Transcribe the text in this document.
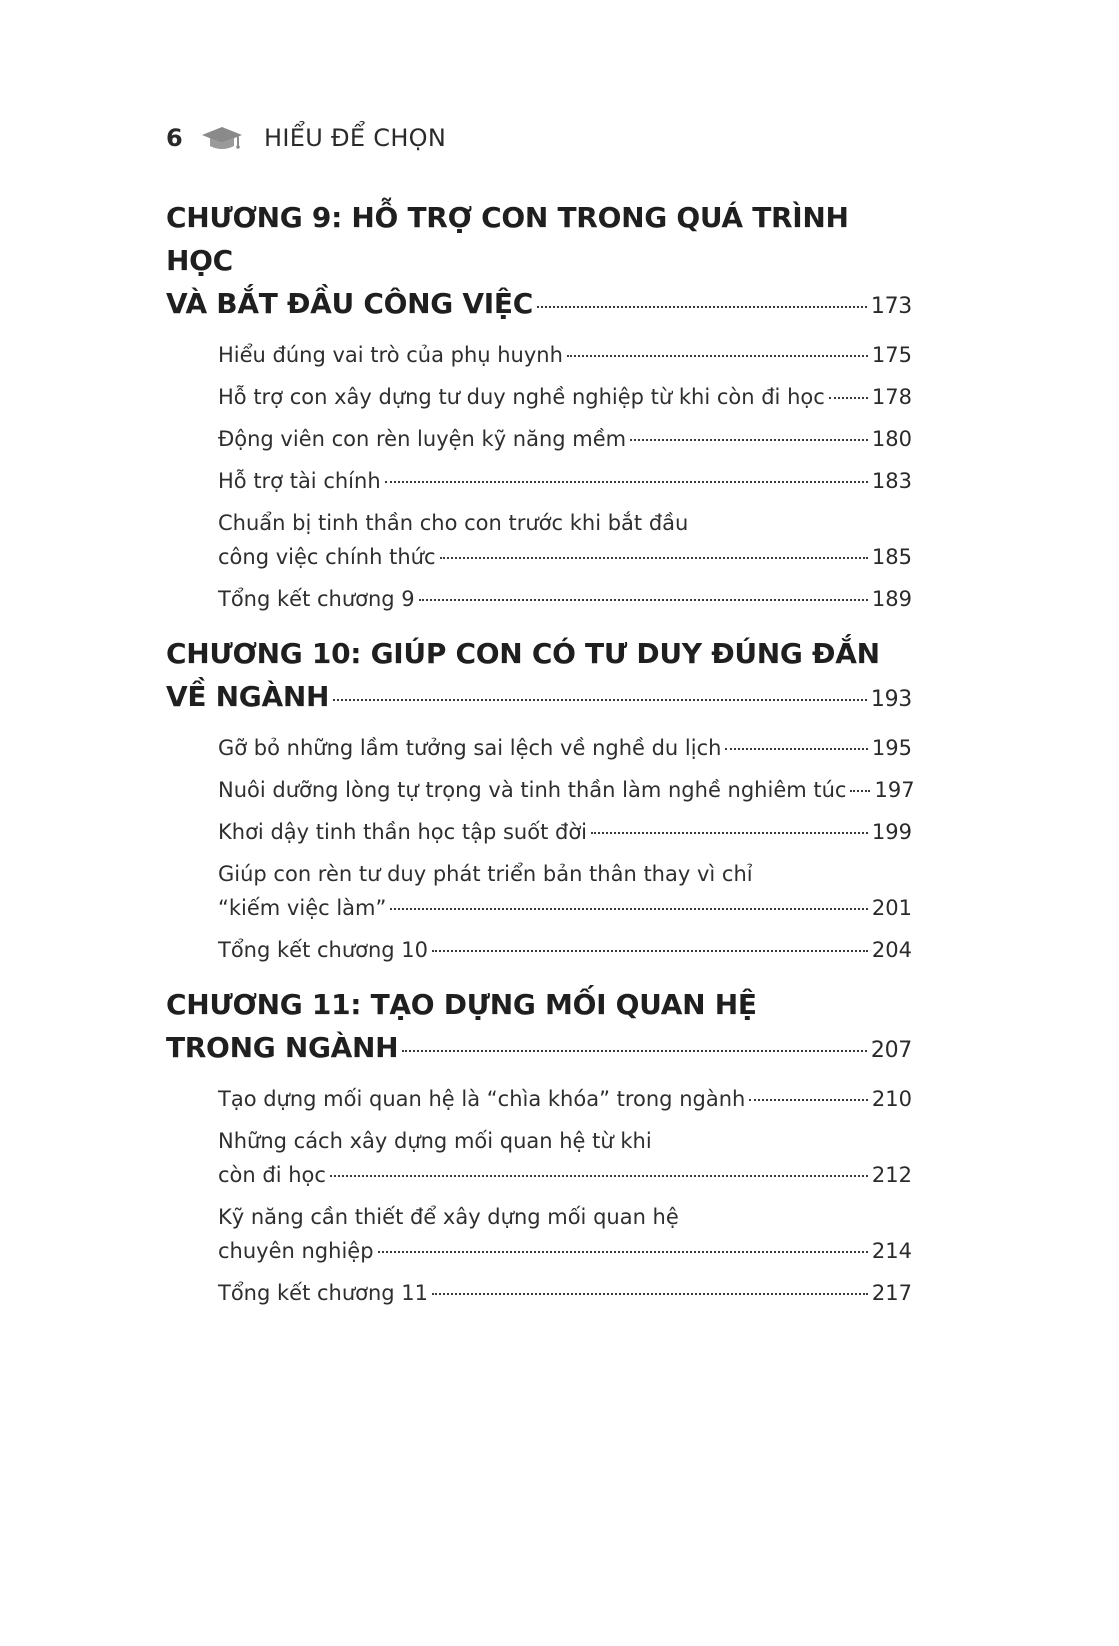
6	HIỂU ĐỂ CHỌN
CHƯƠNG 9: HỖ TRỢ CON TRONG QUÁ TRÌNH HỌC
VÀ BẮT ĐẦU CÔNG VIỆC	173
Hiểu đúng vai trò của phụ huynh	175
Hỗ trợ con xây dựng tư duy nghề nghiệp từ khi còn đi học 178
Động viên con rèn luyện kỹ năng mềm	180
Hỗ trợ tài chính	183
Chuẩn bị tinh thần cho con trước khi bắt đầu
công việc chính thức	185
Tổng kết chương 9	189
CHƯƠNG 10: GIÚP CON CÓ TƯ DUY ĐÚNG ĐẮN
VỀ NGÀNH	193
Gỡ bỏ những lầm tưởng sai lệch về nghề du lịch	195
Nuôi dưỡng lòng tự trọng và tinh thần làm nghề nghiêm túc 197
Khơi dậy tinh thần học tập suốt đời	199
Giúp con rèn tư duy phát triển bản thân thay vì chỉ
“kiếm việc làm”	201
Tổng kết chương 10	204
CHƯƠNG 11: TẠO DỰNG MỐI QUAN HỆ
TRONG NGÀNH	207
Tạo dựng mối quan hệ là “chìa khóa” trong ngành	210
Những cách xây dựng mối quan hệ từ khi
còn đi học	212
Kỹ năng cần thiết để xây dựng mối quan hệ
chuyên nghiệp	214
Tổng kết chương 11	217
